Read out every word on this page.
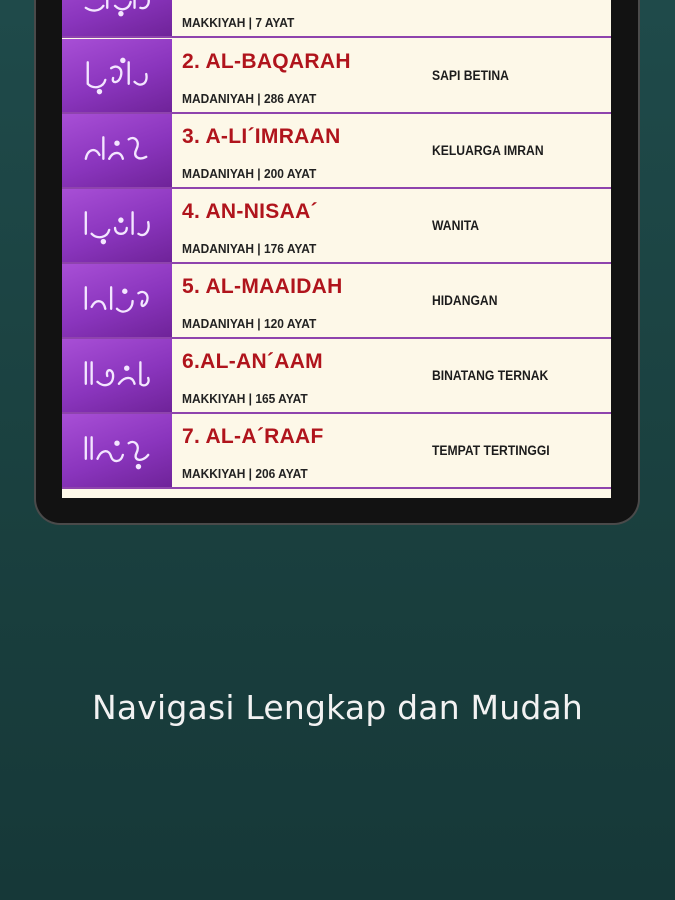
MAKKIYAH | 7 AYAT
2. AL-BAQARAH
MADANIYAH | 286 AYAT
SAPI BETINA
3. A-LI´IMRAAN
MADANIYAH | 200 AYAT
KELUARGA IMRAN
4. AN-NISAA´
MADANIYAH | 176 AYAT
WANITA
5. AL-MAAIDAH
MADANIYAH | 120 AYAT
HIDANGAN
6.AL-AN´AAM
MAKKIYAH | 165 AYAT
BINATANG TERNAK
7. AL-A´RAAF
MAKKIYAH | 206 AYAT
TEMPAT TERTINGGI
Navigasi Lengkap dan Mudah
